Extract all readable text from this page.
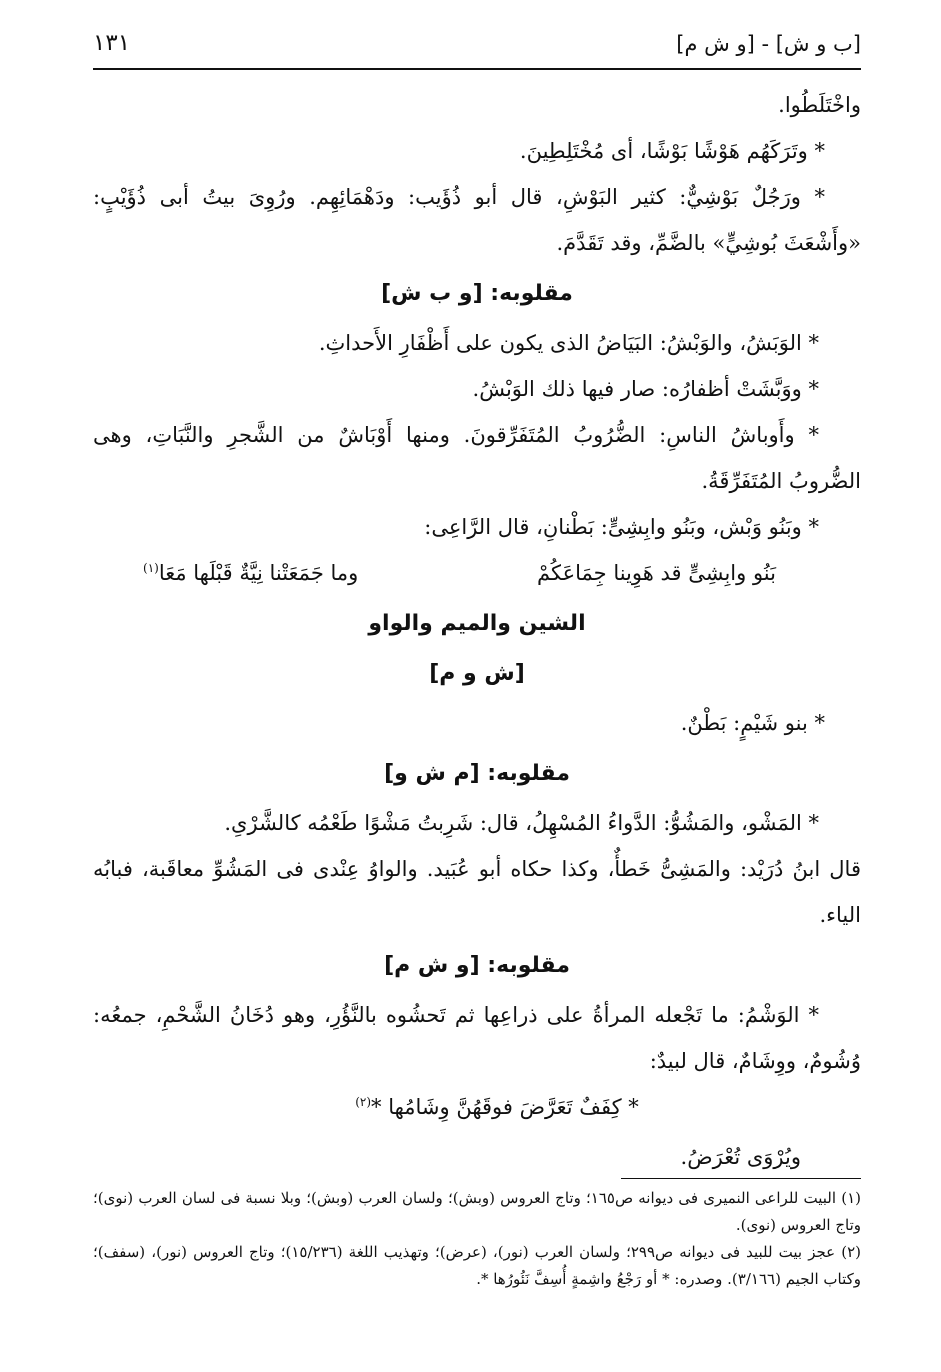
[ب و ش] - [و ش م]
١٣١

واخْتَلَطُوا.

* وتَرَكَهُم هَوْشًا بَوْشًا، أى مُخْتَلِطِينَ.

* ورَجُلٌ بَوْشِيٌّ: كثير البَوْشِ، قال أبو ذُؤَيب: ودَهْمَائِهِم. ورُوِىَ بيتُ أبى ذُؤَيْبٍ: «وأَشْعَثَ بُوشِيٍّ» بالضَّمِّ، وقد تَقَدَّمَ.

مقلوبه: [و ب ش]

* الوَبَشُ، والوَبْشُ: البَيَاضُ الذى يكون على أَظْفَارِ الأَحداثِ.

* ووَبَّشَتْ أظفارُه: صار فيها ذلك الوَبْشُ.

* وأَوباشُ الناسِ: الضُّرُوبُ المُتَفَرِّقونَ. ومنها أَوْبَاشٌ من الشَّجرِ والنَّبَاتِ، وهى الضُّروبُ المُتَفَرِّقَةُ.

* وبَنُو وَبْش، وبَنُو وابِشِىٍّ: بَطْنانِ، قال الرَّاعِى:

بَنُو وابِشِىٍّ قد هَوِينا جِمَاعَكُمْ
وما جَمَعَتْنا نِيَّةٌ قَبْلَها مَعَا$^{(١)}$
الشين والميم والواو
[ش و م]

* بنو شَيْمٍ: بَطْنٌ.

مقلوبه: [م ش و]

* المَشْو، والمَشُوُّ: الدَّواءُ المُسْهِلُ، قال: شَرِبتُ مَشْوًا طَعْمُه كالشَّرْىِ.

قال ابنُ دُرَيْد: والمَشِىُّ خَطأٌ، وكذا حكاه أبو عُبَيد. والواوُ عِنْدى فى المَشُوِّ معاقَبة، فبابُه الياء.

مقلوبه: [و ش م]

* الوَشْمُ: ما تَجْعله المرأةُ على ذراعِها ثم تَحشُوه بالنَّؤُرِ، وهو دُخَانُ الشَّحْمِ، جمعُه: وُشُومٌ، ووِشَامٌ، قال لبيدٌ:

* كِفَفٌ تَعَرَّضَ فوقَهُنَّ وِشَامُها *$^{(٢)}$

ويُرْوَى تُعْرَضُ.

(١) البيت للراعى النميرى فى ديوانه ص١٦٥؛ وتاج العروس (وبش)؛ ولسان العرب (وبش)؛ وبلا نسبة فى لسان العرب (نوى)؛ وتاج العروس (نوى).

(٢) عجز بيت للبيد فى ديوانه ص٢٩٩؛ ولسان العرب (نور)، (عرض)؛ وتهذيب اللغة (١٥/٢٣٦)؛ وتاج العروس (نور)، (سفف)؛ وكتاب الجيم (٣/١٦٦). وصدره: * أو رَجْعُ واشِمةٍ أُسِفَّ نَئُورُها *.
